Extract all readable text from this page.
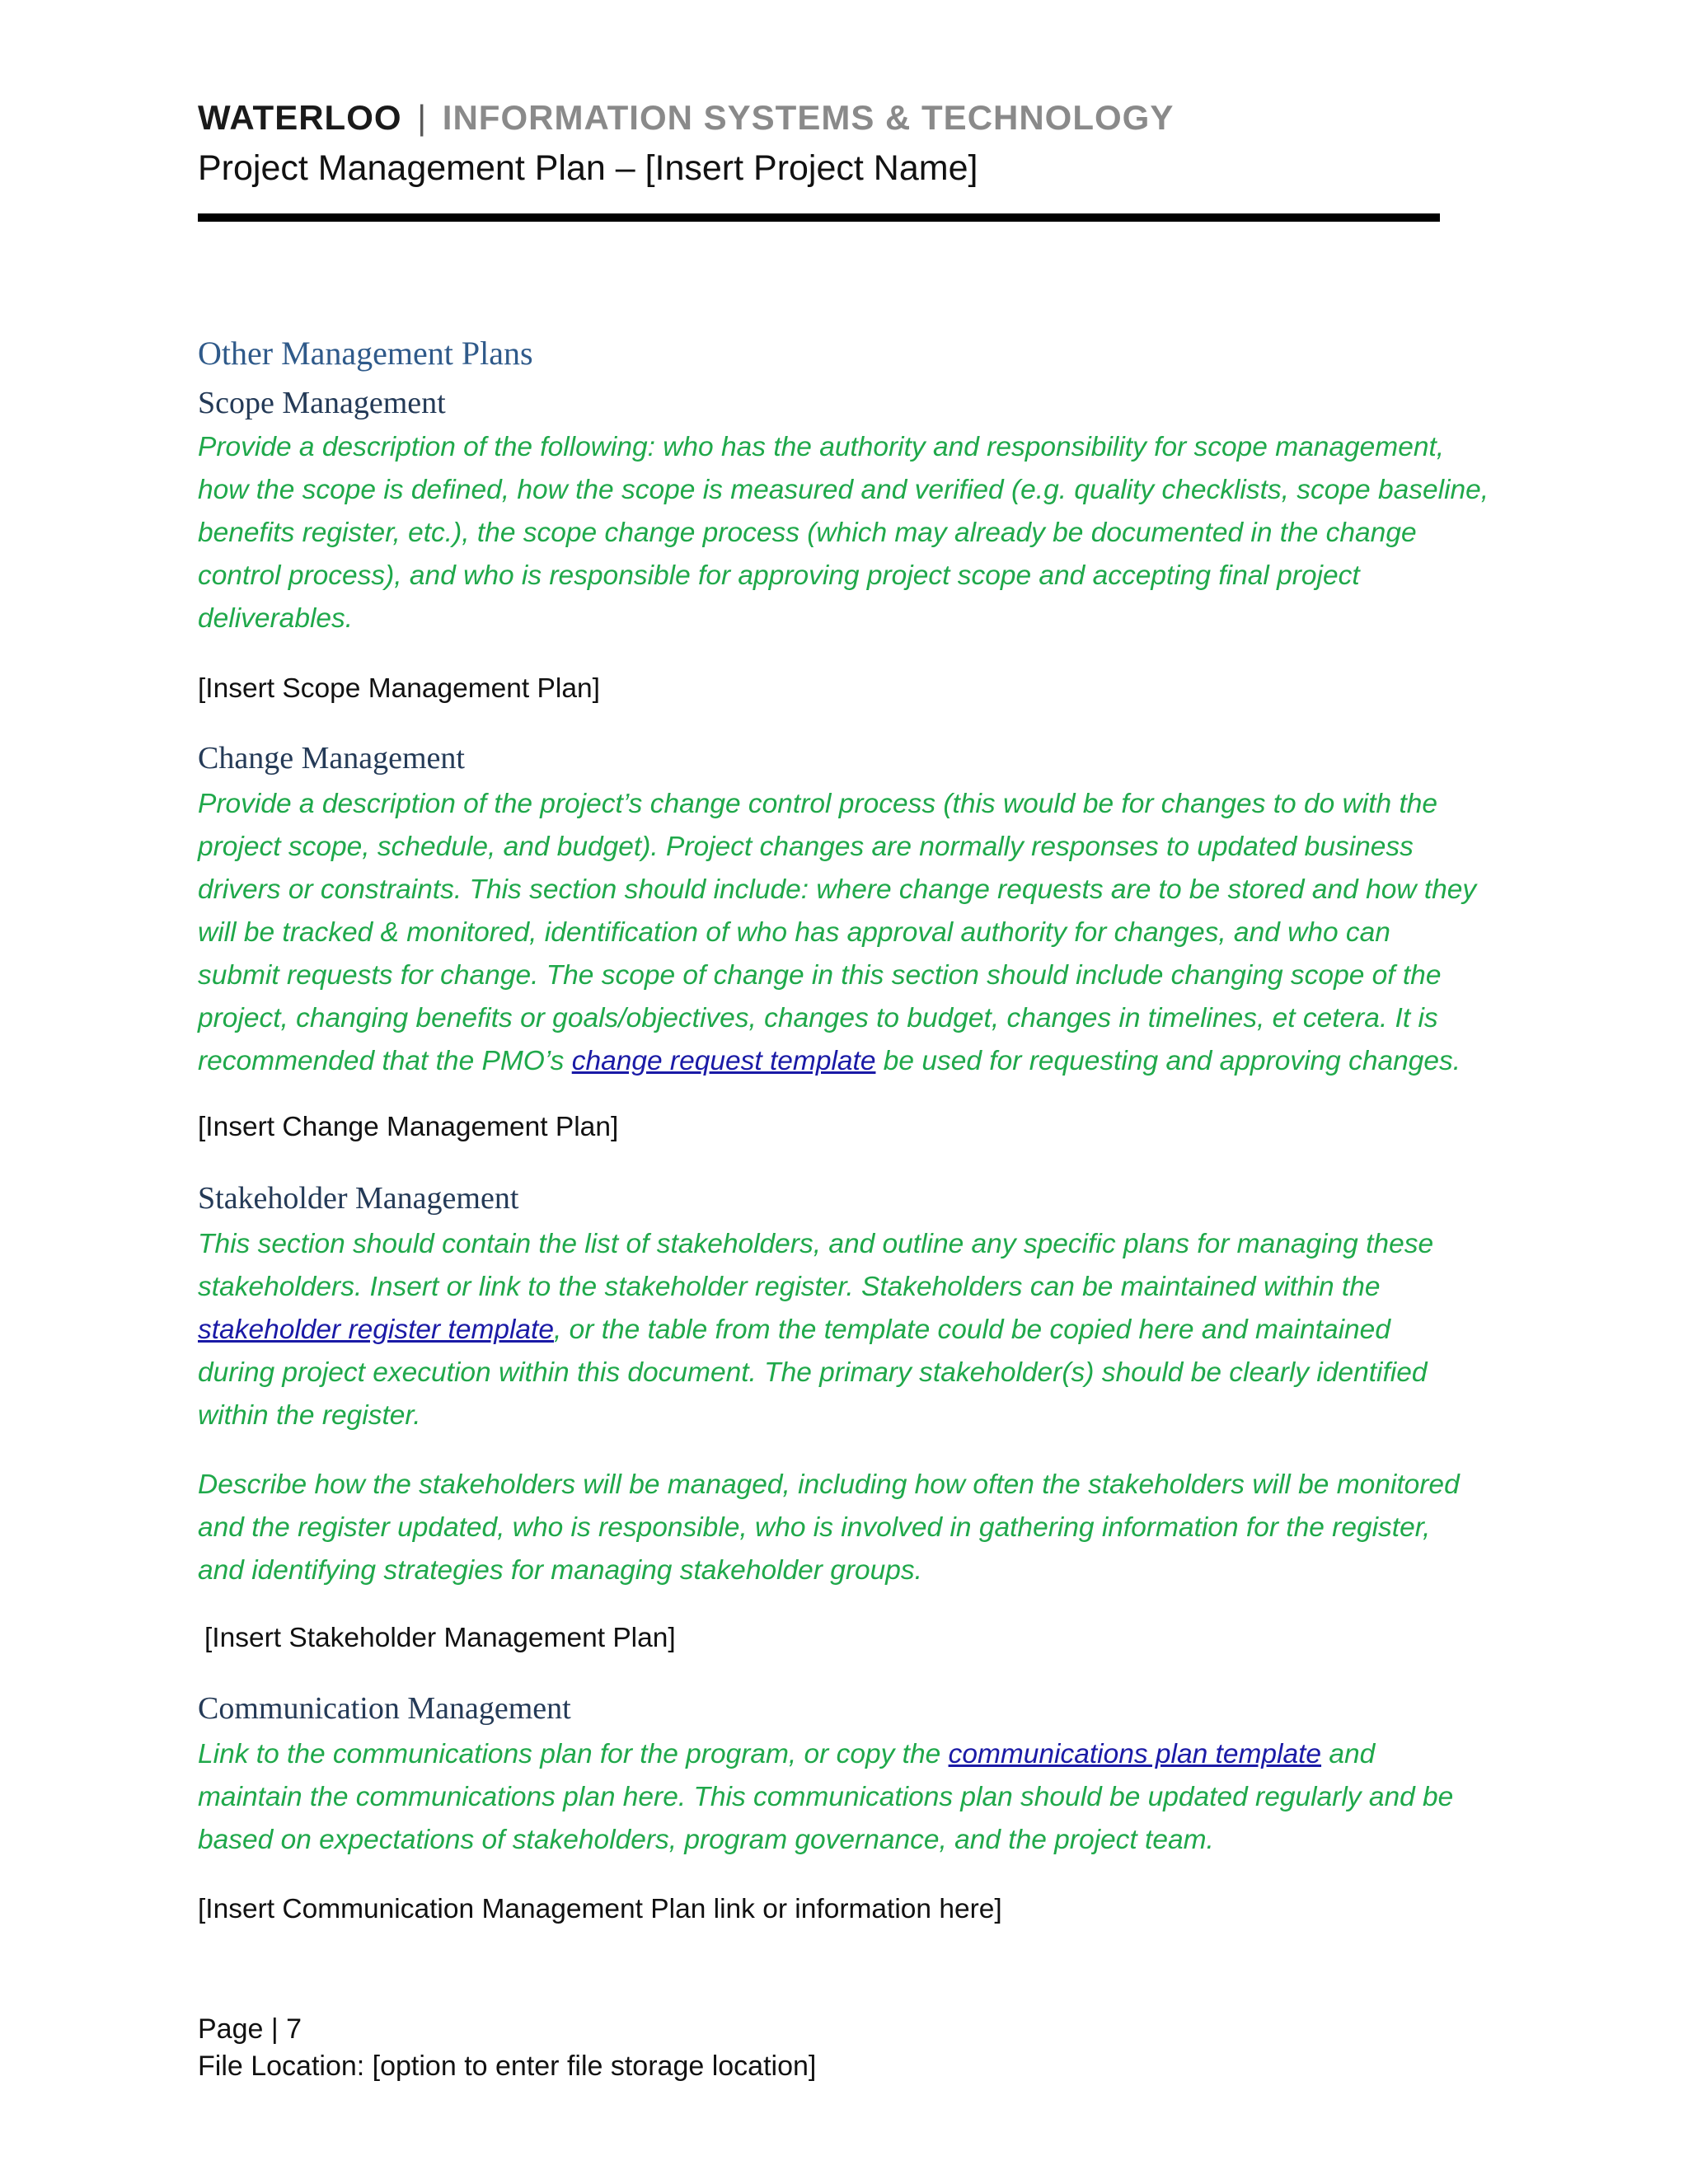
WATERLOO | INFORMATION SYSTEMS & TECHNOLOGY
Project Management Plan – [Insert Project Name]
Other Management Plans
Scope Management
Provide a description of the following: who has the authority and responsibility for scope management,
how the scope is defined, how the scope is measured and verified (e.g. quality checklists, scope baseline,
benefits register, etc.), the scope change process (which may already be documented in the change
control process), and who is responsible for approving project scope and accepting final project
deliverables.
[Insert Scope Management Plan]
Change Management
Provide a description of the project’s change control process (this would be for changes to do with the
project scope, schedule, and budget). Project changes are normally responses to updated business
drivers or constraints. This section should include: where change requests are to be stored and how they
will be tracked & monitored, identification of who has approval authority for changes, and who can
submit requests for change. The scope of change in this section should include changing scope of the
project, changing benefits or goals/objectives, changes to budget, changes in timelines, et cetera. It is
recommended that the PMO’s change request template be used for requesting and approving changes.
[Insert Change Management Plan]
Stakeholder Management
This section should contain the list of stakeholders, and outline any specific plans for managing these
stakeholders. Insert or link to the stakeholder register. Stakeholders can be maintained within the
stakeholder register template, or the table from the template could be copied here and maintained
during project execution within this document. The primary stakeholder(s) should be clearly identified
within the register.
Describe how the stakeholders will be managed, including how often the stakeholders will be monitored
and the register updated, who is responsible, who is involved in gathering information for the register,
and identifying strategies for managing stakeholder groups.
[Insert Stakeholder Management Plan]
Communication Management
Link to the communications plan for the program, or copy the communications plan template and
maintain the communications plan here. This communications plan should be updated regularly and be
based on expectations of stakeholders, program governance, and the project team.
[Insert Communication Management Plan link or information here]
Page | 7
File Location: [option to enter file storage location]
